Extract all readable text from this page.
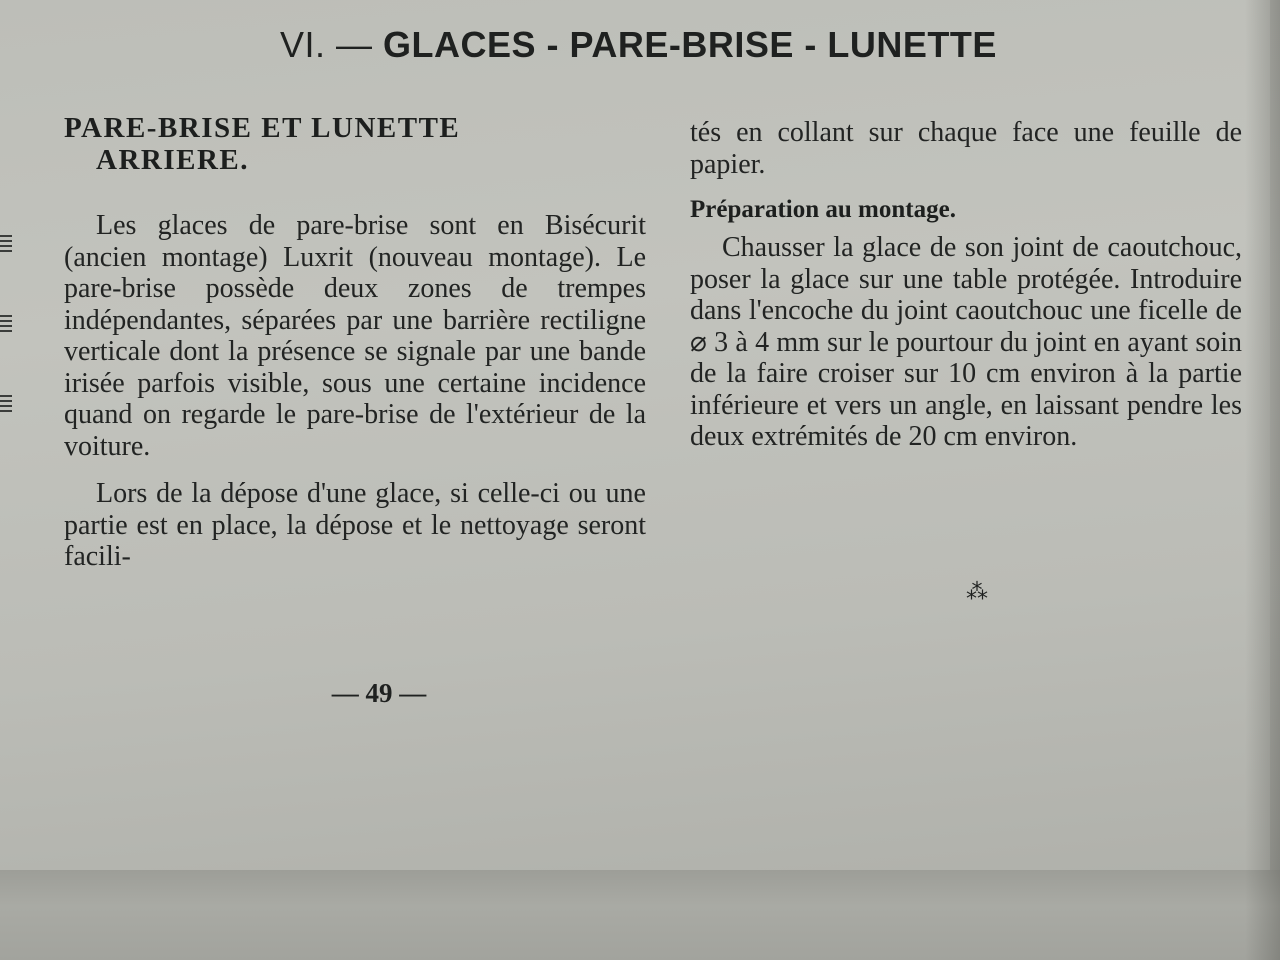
VI. — GLACES - PARE-BRISE - LUNETTE
PARE-BRISE ET LUNETTE
ARRIERE.

Les glaces de pare-brise sont en Bisécurit (ancien montage) Luxrit (nouveau montage). Le pare-brise possède deux zones de trempes indépendantes, séparées par une barrière rectiligne verticale dont la présence se signale par une bande irisée parfois visible, sous une certaine incidence quand on regarde le pare-brise de l'extérieur de la voiture.

Lors de la dépose d'une glace, si celle-ci ou une partie est en place, la dépose et le nettoyage seront facili-

tés en collant sur chaque face une feuille de papier.

Préparation au montage.

Chausser la glace de son joint de caoutchouc, poser la glace sur une table protégée. Introduire dans l'encoche du joint caoutchouc une ficelle de ⌀ 3 à 4 mm sur le pourtour du joint en ayant soin de la faire croiser sur 10 cm environ à la partie inférieure et vers un angle, en laissant pendre les deux extrémités de 20 cm environ.

⁂
— 49 —
